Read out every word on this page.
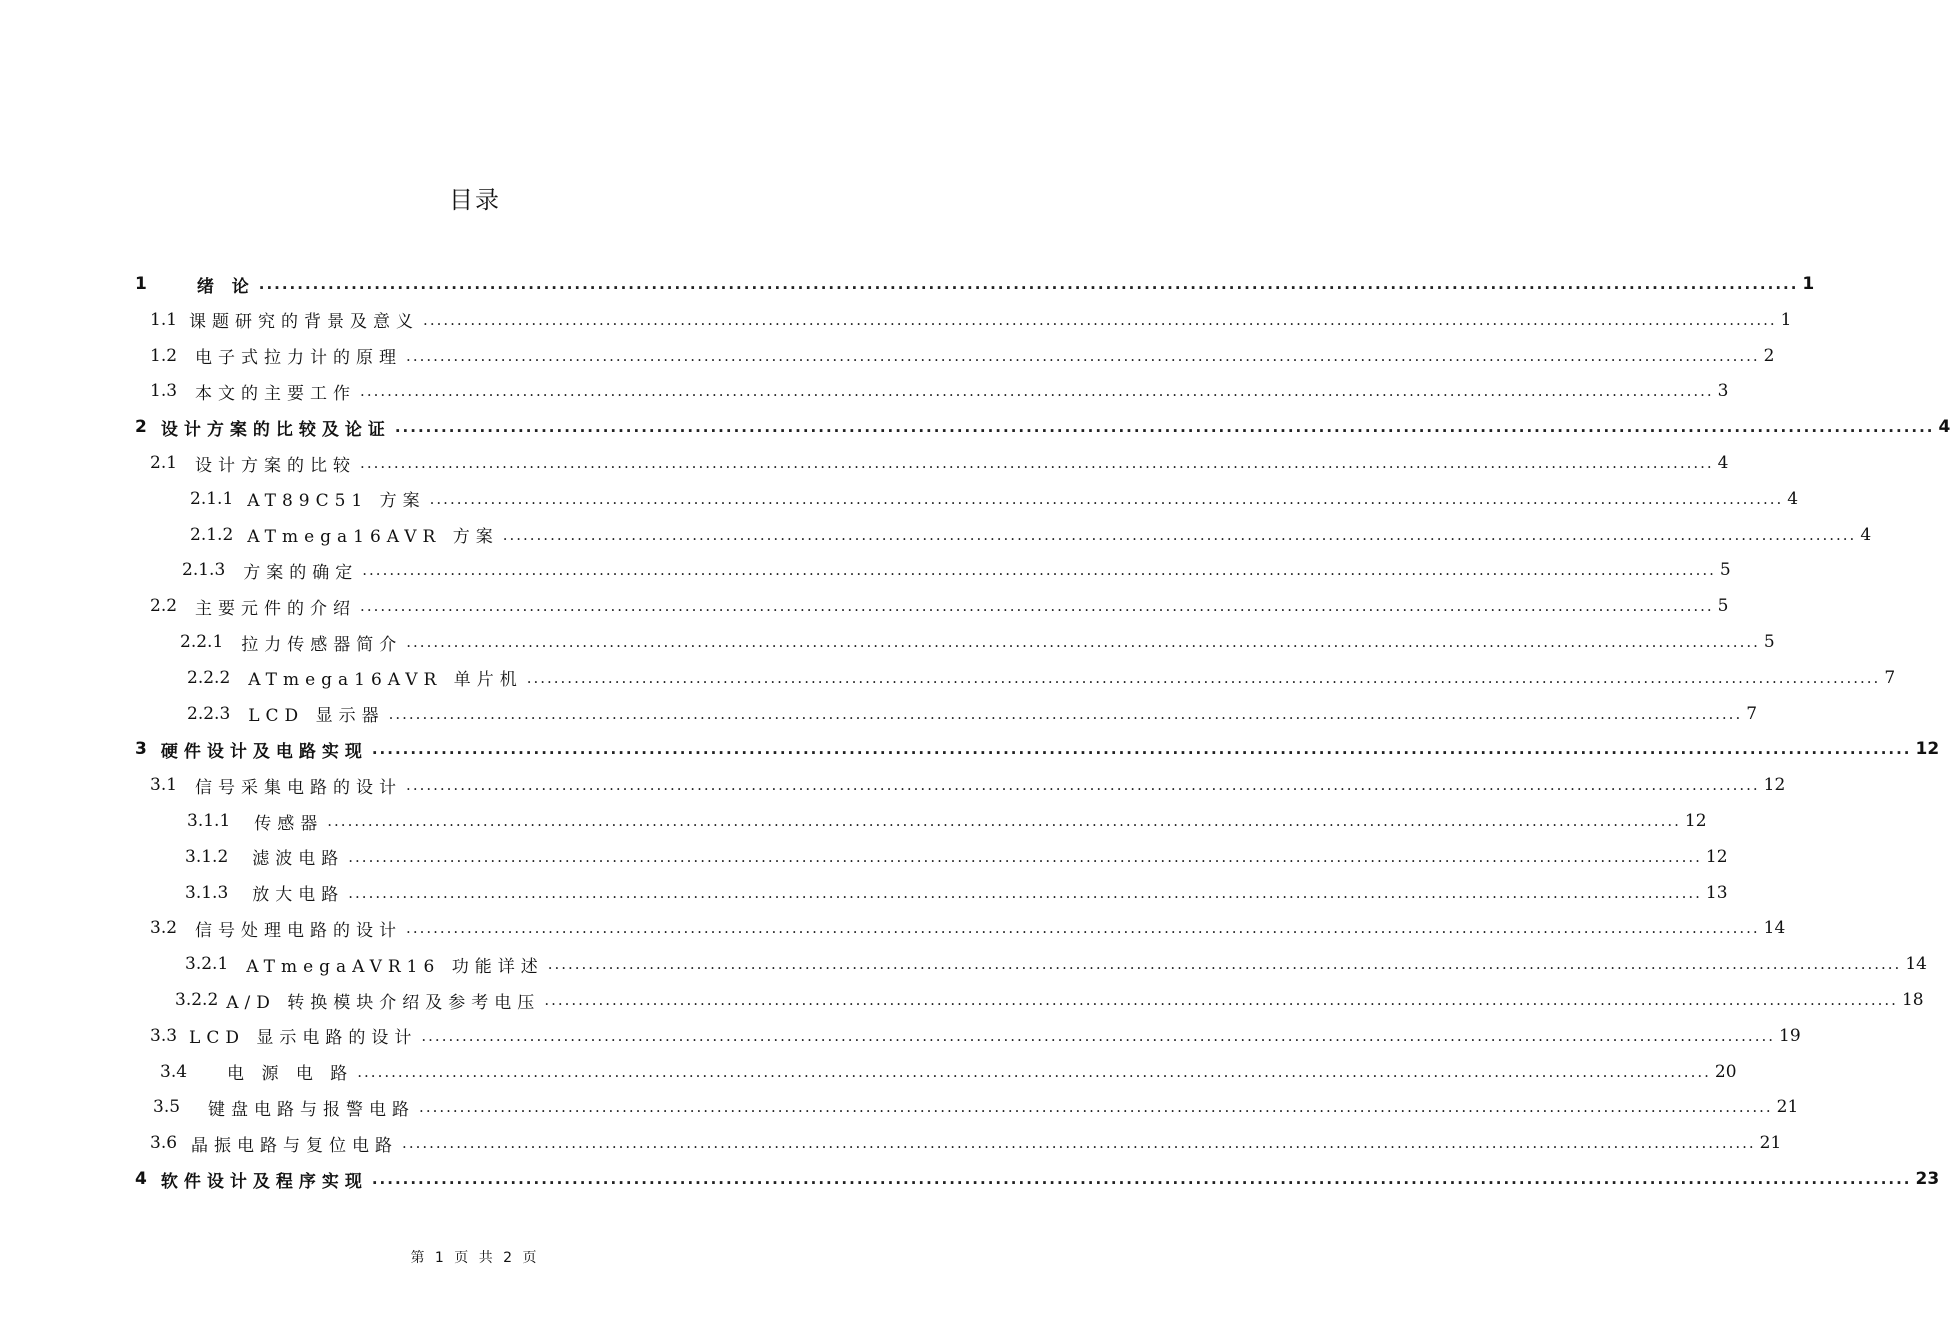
目录
1	绪 论 ........................................................................................................................................................................................................ 1
1.1 课题研究的背景及意义 ........................................................................................................................................................................................................ 1
1.2 电子式拉力计的原理 ........................................................................................................................................................................................................ 2
1.3 本文的主要工作 ........................................................................................................................................................................................................ 3
2 设计方案的比较及论证 ........................................................................................................................................................................................................ 4
2.1 设计方案的比较 ........................................................................................................................................................................................................ 4
2.1.1 AT89C51 方案 ........................................................................................................................................................................................................ 4
2.1.2 ATmega16AVR 方案 ........................................................................................................................................................................................................ 4
2.1.3 方案的确定 ........................................................................................................................................................................................................ 5
2.2 主要元件的介绍 ........................................................................................................................................................................................................ 5
2.2.1 拉力传感器简介 ........................................................................................................................................................................................................ 5
2.2.2 ATmega16AVR 单片机 ........................................................................................................................................................................................................ 7
2.2.3 LCD 显示器 ........................................................................................................................................................................................................ 7
3 硬件设计及电路实现 ........................................................................................................................................................................................................ 12
3.1 信号采集电路的设计 ........................................................................................................................................................................................................ 12
3.1.1 传感器 ........................................................................................................................................................................................................ 12
3.1.2 滤波电路 ........................................................................................................................................................................................................ 12
3.1.3 放大电路 ........................................................................................................................................................................................................ 13
3.2 信号处理电路的设计 ........................................................................................................................................................................................................ 14
3.2.1 ATmegaAVR16 功能详述 ........................................................................................................................................................................................................ 14
3.2.2 A/D 转换模块介绍及参考电压 ........................................................................................................................................................................................................ 18
3.3 LCD 显示电路的设计 ........................................................................................................................................................................................................ 19
3.4 电 源 电 路 ........................................................................................................................................................................................................ 20
3.5 键盘电路与报警电路 ........................................................................................................................................................................................................ 21
3.6 晶振电路与复位电路 ........................................................................................................................................................................................................ 21
4 软件设计及程序实现 ........................................................................................................................................................................................................ 23
第 1 页 共 2 页
